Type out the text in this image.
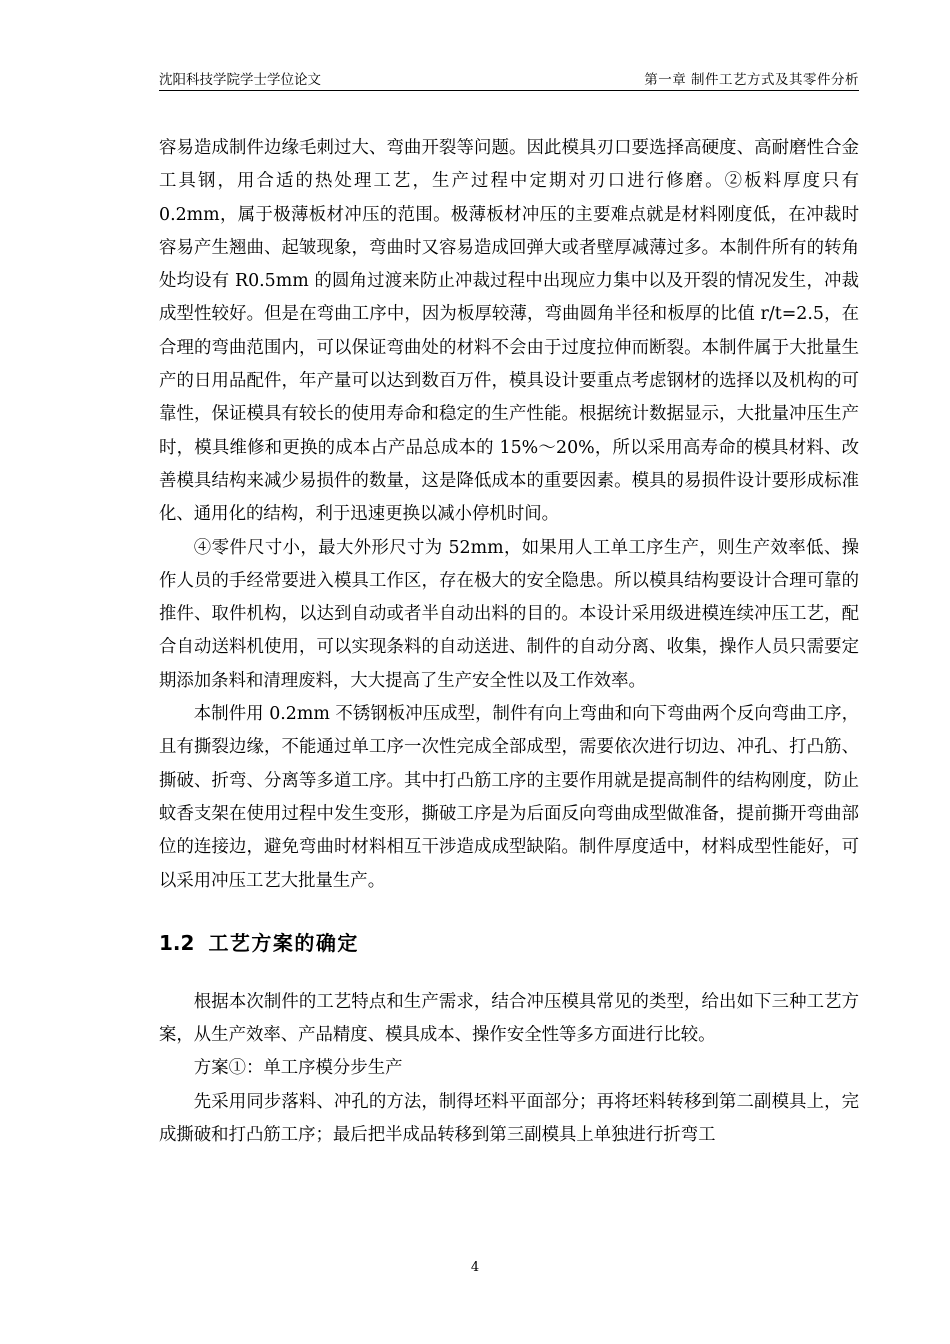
沈阳科技学院学士学位论文	第一章 制件工艺方式及其零件分析

容易造成制件边缘毛刺过大、弯曲开裂等问题。因此模具刃口要选择高硬度、高耐磨性合金工具钢，用合适的热处理工艺，生产过程中定期对刃口进行修磨。②板料厚度只有 0.2mm，属于极薄板材冲压的范围。极薄板材冲压的主要难点就是材料刚度低，在冲裁时容易产生翘曲、起皱现象，弯曲时又容易造成回弹大或者壁厚减薄过多。本制件所有的转角处均设有 R0.5mm 的圆角过渡来防止冲裁过程中出现应力集中以及开裂的情况发生，冲裁成型性较好。但是在弯曲工序中，因为板厚较薄，弯曲圆角半径和板厚的比值 r/t=2.5，在合理的弯曲范围内，可以保证弯曲处的材料不会由于过度拉伸而断裂。本制件属于大批量生产的日用品配件，年产量可以达到数百万件，模具设计要重点考虑钢材的选择以及机构的可靠性，保证模具有较长的使用寿命和稳定的生产性能。根据统计数据显示，大批量冲压生产时，模具维修和更换的成本占产品总成本的 15%～20%，所以采用高寿命的模具材料、改善模具结构来减少易损件的数量，这是降低成本的重要因素。模具的易损件设计要形成标准化、通用化的结构，利于迅速更换以减小停机时间。

④零件尺寸小，最大外形尺寸为 52mm，如果用人工单工序生产，则生产效率低、操作人员的手经常要进入模具工作区，存在极大的安全隐患。所以模具结构要设计合理可靠的推件、取件机构，以达到自动或者半自动出料的目的。本设计采用级进模连续冲压工艺，配合自动送料机使用，可以实现条料的自动送进、制件的自动分离、收集，操作人员只需要定期添加条料和清理废料，大大提高了生产安全性以及工作效率。

本制件用 0.2mm 不锈钢板冲压成型，制件有向上弯曲和向下弯曲两个反向弯曲工序，且有撕裂边缘，不能通过单工序一次性完成全部成型，需要依次进行切边、冲孔、打凸筋、撕破、折弯、分离等多道工序。其中打凸筋工序的主要作用就是提高制件的结构刚度，防止蚊香支架在使用过程中发生变形，撕破工序是为后面反向弯曲成型做准备，提前撕开弯曲部位的连接边，避免弯曲时材料相互干涉造成成型缺陷。制件厚度适中，材料成型性能好，可以采用冲压工艺大批量生产。

1.2 工艺方案的确定

根据本次制件的工艺特点和生产需求，结合冲压模具常见的类型，给出如下三种工艺方案，从生产效率、产品精度、模具成本、操作安全性等多方面进行比较。

方案①：单工序模分步生产

先采用同步落料、冲孔的方法，制得坯料平面部分；再将坯料转移到第二副模具上，完成撕破和打凸筋工序；最后把半成品转移到第三副模具上单独进行折弯工

4
